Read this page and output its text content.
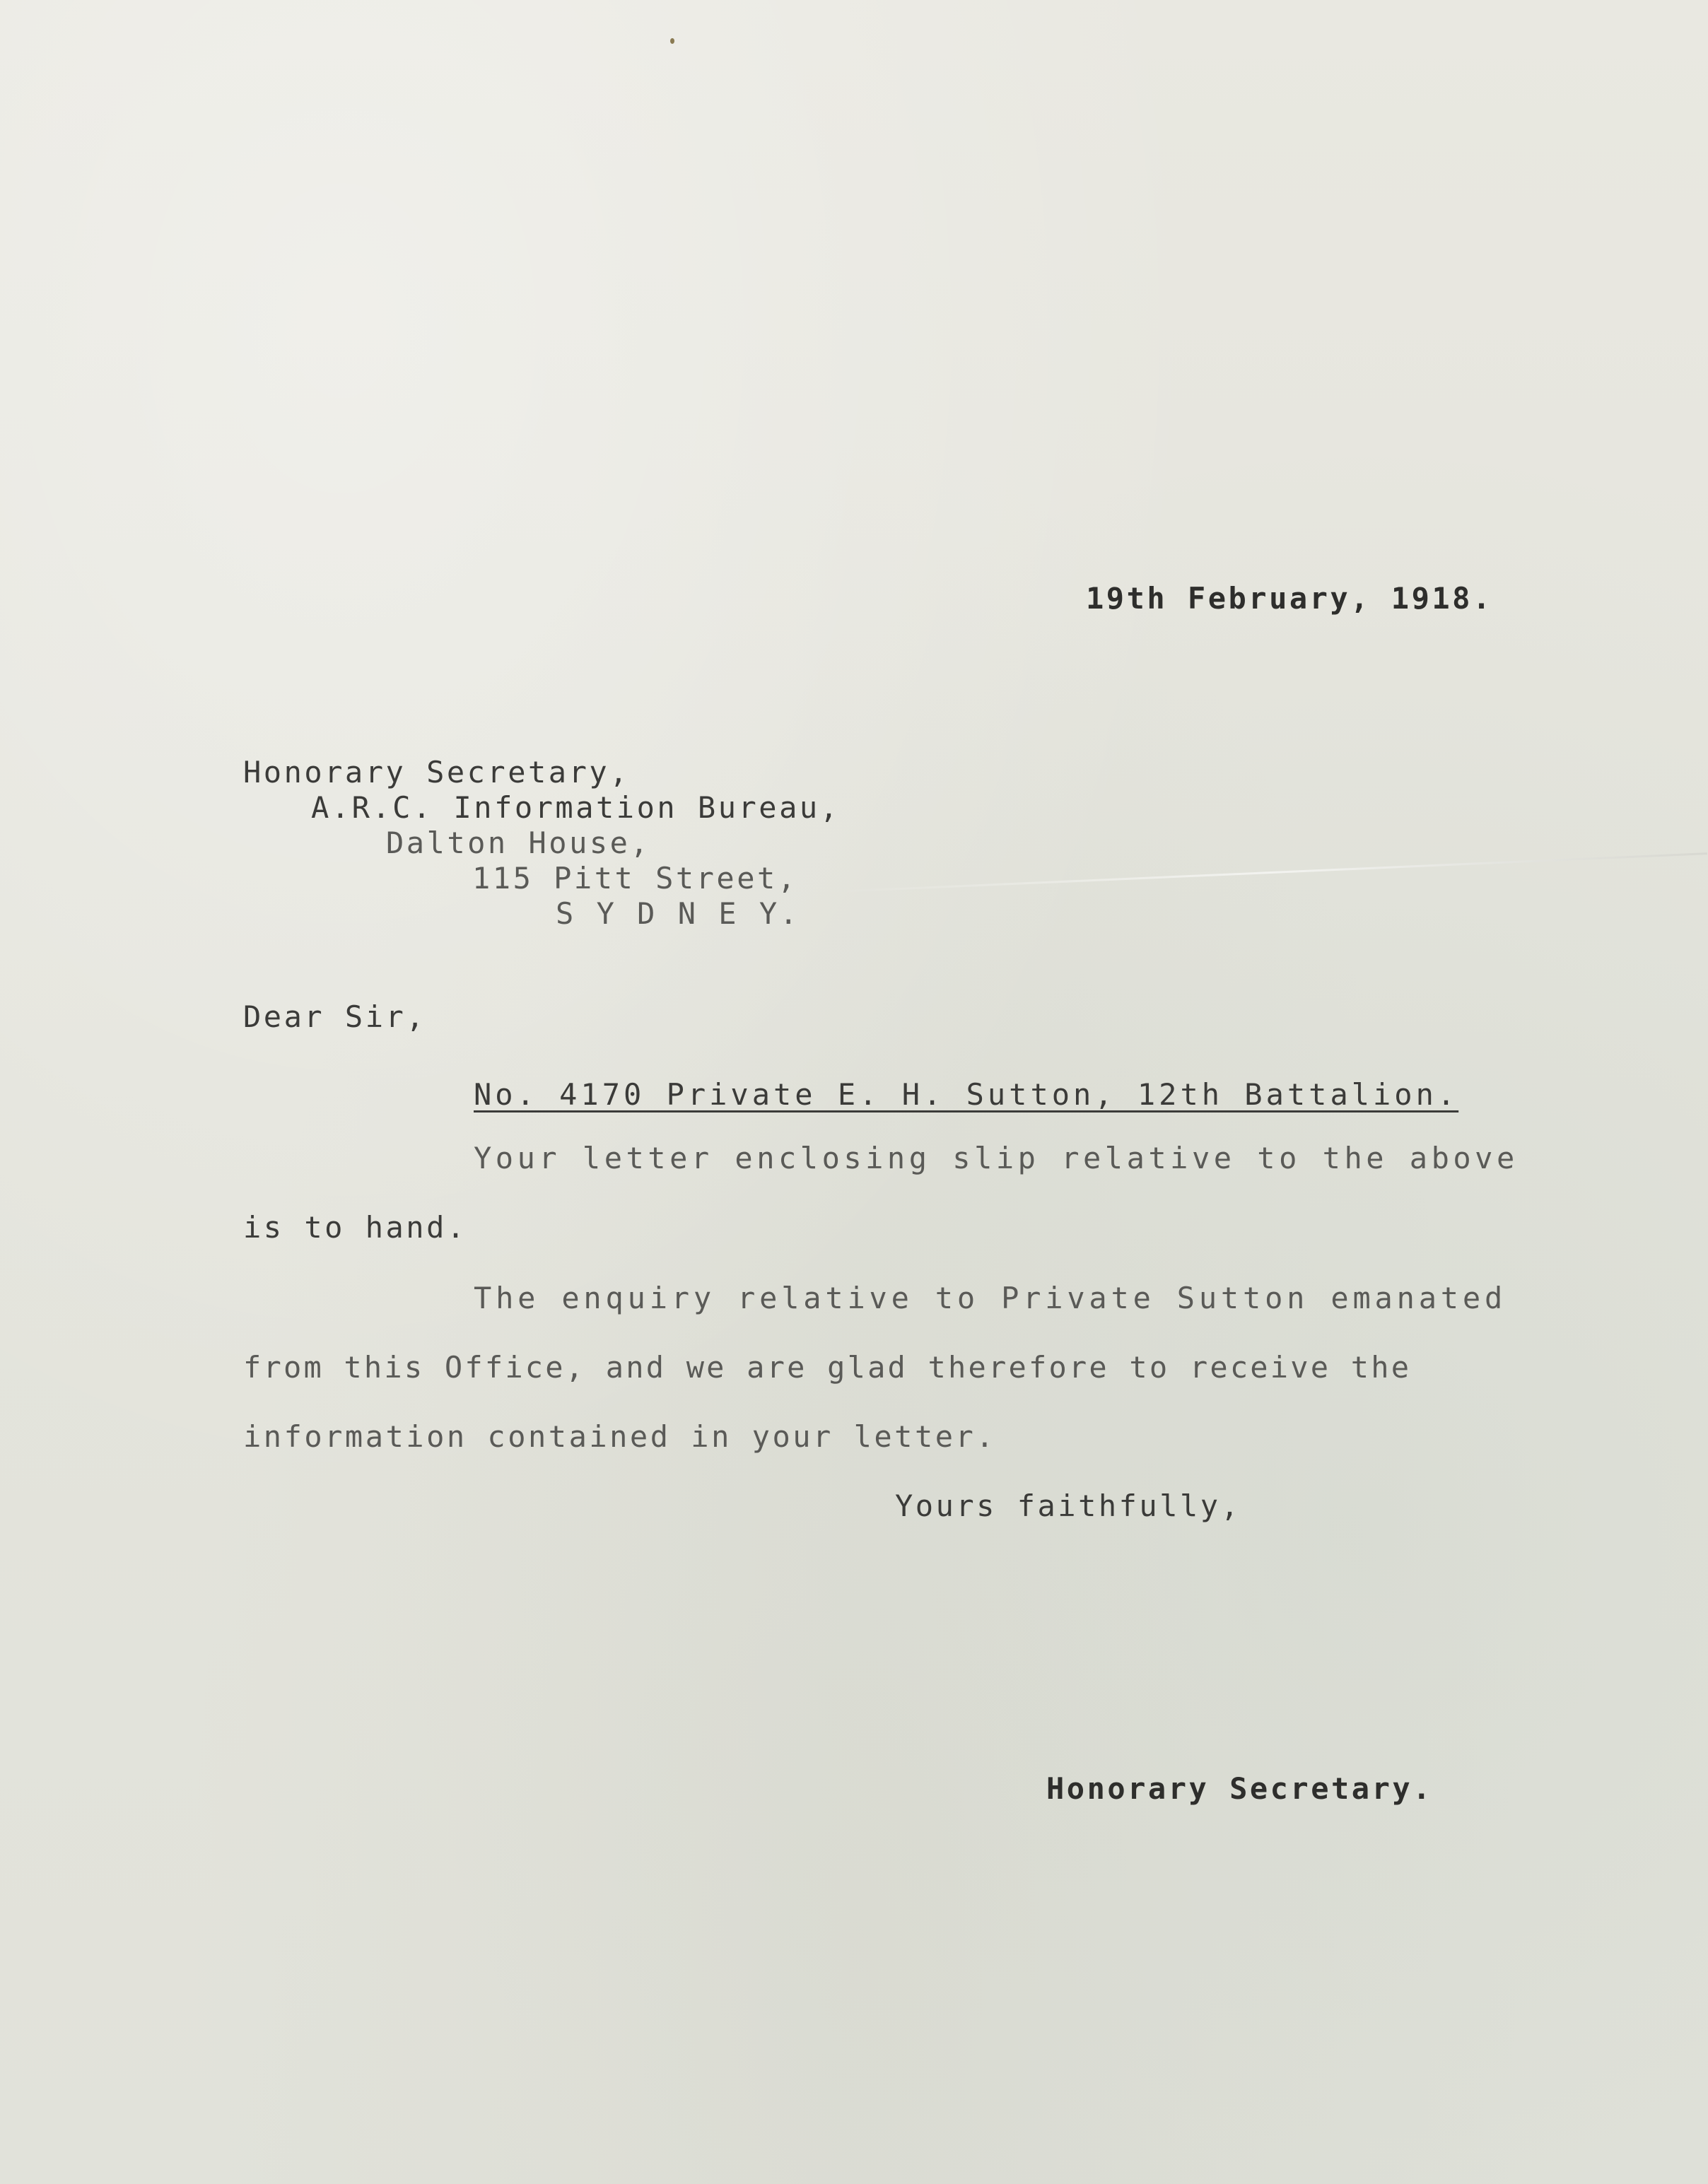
19th February, 1918.
Honorary Secretary,
A.R.C. Information Bureau,
Dalton House,
115 Pitt Street,
S Y D N E Y.
Dear Sir,
No. 4170 Private E. H. Sutton, 12th Battalion.
Your letter enclosing slip relative to the above
is to hand.
The enquiry relative to Private Sutton emanated
from this Office, and we are glad therefore to receive the
information contained in your letter.
Yours faithfully,
Honorary Secretary.
